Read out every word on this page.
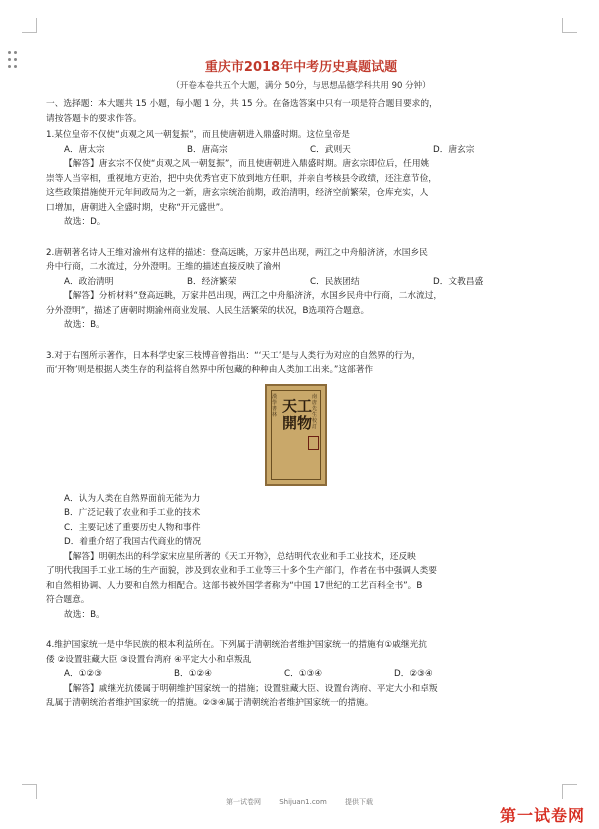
重庆市2018年中考历史真题试题
（开卷本卷共五个大题，满分 50分，与思想品德学科共用 90 分钟）

一、选择题：本大题共 15 小题，每小题 1 分，共 15 分。在备选答案中只有一项是符合题目要求的，

请按答题卡的要求作答。

1.某位皇帝不仅使“贞观之风一朝复振”，而且使唐朝进入鼎盛时期。这位皇帝是

A．唐太宗	B．唐高宗	C．武则天	D．唐玄宗

【解答】唐玄宗不仅使“贞观之风一朝复振”，而且使唐朝进入鼎盛时期。唐玄宗即位后，任用姚

崇等人当宰相，重视地方吏治，把中央优秀官吏下放到地方任职，并亲自考核县令政绩，还注意节俭，

这些政策措施使开元年间政局为之一新，唐玄宗统治前期，政治清明，经济空前繁荣，仓库充实，人

口增加，唐朝进入全盛时期，史称“开元盛世”。

故选：D。

2.唐朝著名诗人王维对渝州有这样的描述：登高远眺，万家井邑出现，两江之中舟船济济，水国乡民

舟中行商，二水流过，分外澄明。王维的描述直接反映了渝州

A．政治清明	B．经济繁荣	C．民族团结	D．文教昌盛

【解答】分析材料“登高远眺，万家井邑出现，两江之中舟船济济，水国乡民舟中行商，二水流过，

分外澄明”，描述了唐朝时期渝州商业发展、人民生活繁荣的状况，B选项符合题意。

故选：B。

3.对于右图所示著作，日本科学史家三枝博音曾指出：“‘天工’是与人类行为对应的自然界的行为，

而‘开物’则是根据人类生存的利益将自然界中所包藏的种种由人类加工出来。”这部著作

漢學書林
南唐先生校訂
天工開物

A．认为人类在自然界面前无能为力

B．广泛记载了农业和手工业的技术

C．主要记述了重要历史人物和事件

D．着重介绍了我国古代商业的情况

【解答】明朝杰出的科学家宋应星所著的《天工开物》，总结明代农业和手工业技术，还反映

了明代我国手工业工场的生产面貌，涉及到农业和手工业等三十多个生产部门，作者在书中强调人类要

和自然相协调、人力要和自然力相配合。这部书被外国学者称为“中国 17世纪的工艺百科全书”。B

符合题意。

故选：B。

4.维护国家统一是中华民族的根本利益所在。下列属于清朝统治者维护国家统一的措施有①戚继光抗

倭 ②设置驻藏大臣 ③设置台湾府 ④平定大小和卓叛乱

A．①②③	B．①②④	C．①③④	D．②③④

【解答】戚继光抗倭属于明朝维护国家统一的措施；设置驻藏大臣、设置台湾府、平定大小和卓叛

乱属于清朝统治者维护国家统一的措施。②③④属于清朝统治者维护国家统一的措施。

第一试卷网	Shijuan1.com	提供下载
第一试卷网
